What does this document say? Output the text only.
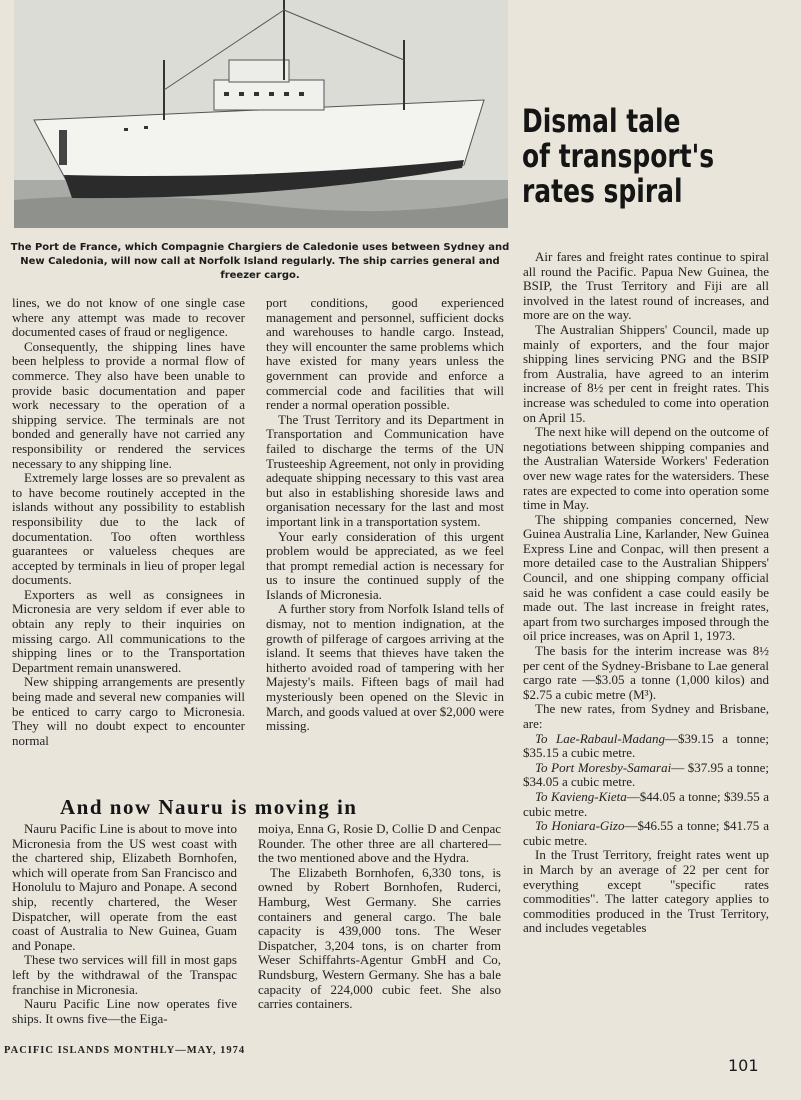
Dismal tale
of transport's
rates spiral
The Port de France, which Compagnie Chargiers de Caledonie uses between Sydney and New Caledonia, will now call at Norfolk Island regularly. The ship carries general and freezer cargo.

lines, we do not know of one single case where any attempt was made to recover documented cases of fraud or negligence.

Consequently, the shipping lines have been helpless to provide a normal flow of commerce. They also have been unable to provide basic documentation and paper work necessary to the operation of a shipping service. The terminals are not bonded and generally have not carried any responsibility or rendered the services necessary to any shipping line.

Extremely large losses are so prevalent as to have become routinely accepted in the islands without any possibility to establish responsibility due to the lack of documentation. Too often worthless guarantees or valueless cheques are accepted by terminals in lieu of proper legal documents.

Exporters as well as consignees in Micronesia are very seldom if ever able to obtain any reply to their inquiries on missing cargo. All communications to the shipping lines or to the Transportation Department remain unanswered.

New shipping arrangements are presently being made and several new companies will be enticed to carry cargo to Micronesia. They will no doubt expect to encounter normal

port conditions, good experienced management and personnel, sufficient docks and warehouses to handle cargo. Instead, they will encounter the same problems which have existed for many years unless the government can provide and enforce a commercial code and facilities that will render a normal operation possible.

The Trust Territory and its Department in Transportation and Communication have failed to discharge the terms of the UN Trusteeship Agreement, not only in providing adequate shipping necessary to this vast area but also in establishing shoreside laws and organisation necessary for the last and most important link in a transportation system.

Your early consideration of this urgent problem would be appreciated, as we feel that prompt remedial action is necessary for us to insure the continued supply of the Islands of Micronesia.

A further story from Norfolk Island tells of dismay, not to mention indignation, at the growth of pilferage of cargoes arriving at the island. It seems that thieves have taken the hitherto avoided road of tampering with her Majesty's mails. Fifteen bags of mail had mysteriously been opened on the Slevic in March, and goods valued at over $2,000 were missing.

Air fares and freight rates continue to spiral all round the Pacific. Papua New Guinea, the BSIP, the Trust Territory and Fiji are all involved in the latest round of increases, and more are on the way.

The Australian Shippers' Council, made up mainly of exporters, and the four major shipping lines servicing PNG and the BSIP from Australia, have agreed to an interim increase of 8½ per cent in freight rates. This increase was scheduled to come into operation on April 15.

The next hike will depend on the outcome of negotiations between shipping companies and the Australian Waterside Workers' Federation over new wage rates for the watersiders. These rates are expected to come into operation some time in May.

The shipping companies concerned, New Guinea Australia Line, Karlander, New Guinea Express Line and Conpac, will then present a more detailed case to the Australian Shippers' Council, and one shipping company official said he was confident a case could easily be made out. The last increase in freight rates, apart from two surcharges imposed through the oil price increases, was on April 1, 1973.

The basis for the interim increase was 8½ per cent of the Sydney-Brisbane to Lae general cargo rate —$3.05 a tonne (1,000 kilos) and $2.75 a cubic metre (M³).

The new rates, from Sydney and Brisbane, are:

To Lae-Rabaul-Madang—$39.15 a tonne; $35.15 a cubic metre.

To Port Moresby-Samarai— $37.95 a tonne; $34.05 a cubic metre.

To Kavieng-Kieta—$44.05 a tonne; $39.55 a cubic metre.

To Honiara-Gizo—$46.55 a tonne; $41.75 a cubic metre.

In the Trust Territory, freight rates went up in March by an average of 22 per cent for everything except "specific rates commodities". The latter category applies to commodities produced in the Trust Territory, and includes vegetables

And now Nauru is moving in

Nauru Pacific Line is about to move into Micronesia from the US west coast with the chartered ship, Elizabeth Bornhofen, which will operate from San Francisco and Honolulu to Majuro and Ponape. A second ship, recently chartered, the Weser Dispatcher, will operate from the east coast of Australia to New Guinea, Guam and Ponape.

These two services will fill in most gaps left by the withdrawal of the Transpac franchise in Micronesia.

Nauru Pacific Line now operates five ships. It owns five—the Eiga-

moiya, Enna G, Rosie D, Collie D and Cenpac Rounder. The other three are all chartered—the two mentioned above and the Hydra.

The Elizabeth Bornhofen, 6,330 tons, is owned by Robert Bornhofen, Ruderci, Hamburg, West Germany. She carries containers and general cargo. The bale capacity is 439,000 tons. The Weser Dispatcher, 3,204 tons, is on charter from Weser Schiffahrts-Agentur GmbH and Co, Rundsburg, Western Germany. She has a bale capacity of 224,000 cubic feet. She also carries containers.

PACIFIC ISLANDS MONTHLY—MAY, 1974
101
